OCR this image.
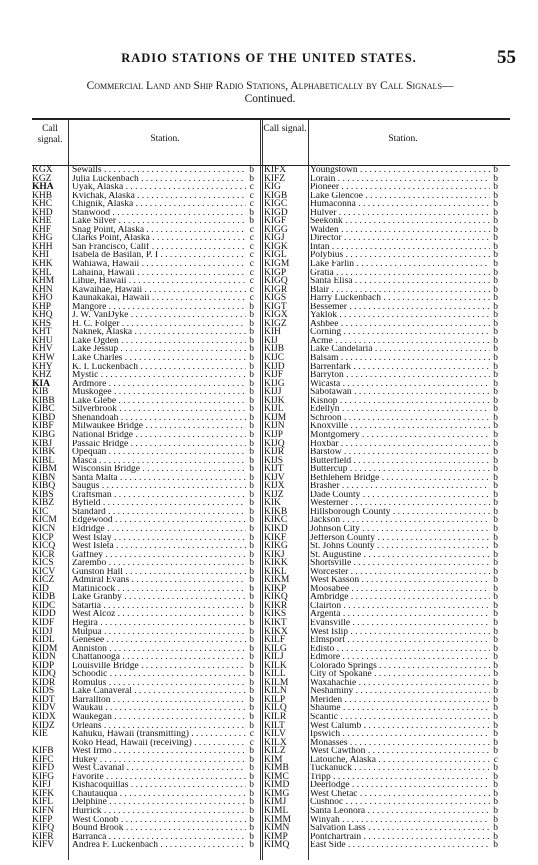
RADIO STATIONS OF THE UNITED STATES.	55
Commercial Land and Ship Radio Stations, Alphabetically by Call Signals—
Continued.
Call signal.	Station.
Call signal.
Station.
KGX	Sewalls . . .	b
KGZ	Julia Luckenbach . . .	b
KHA	Uyak, Alaska . . .	c
KHB	Kvichak, Alaska . . .	c
KHC	Chignik, Alaska . . .	c
KHD	Stanwood . . .	b
KHE	Lake Silver . . .	b
KHF	Snag Point, Alaska . . .	c
KHG	Clarks Point, Alaska . . .	c
KHH	San Francisco, Calif . . .	c
KHI	Isabela de Basilan, P. I . . .	c
KHK	Wahiawa, Hawaii . . .	c
KHL	Lahaina, Hawaii . . .	c
KHM	Lihue, Hawaii . . .	c
KHN	Kawaihae, Hawaii . . .	c
KHO	Kaunakakai, Hawaii . . .	c
KHP	Mangore . . .	b
KHQ	J. W. VanDyke . . .	b
KHS	H. C. Folger . . .	b
KHT	Naknek, Alaska . . .	b
KHU	Lake Ogden . . .	b
KHV	Lake Jessup . . .	b
KHW	Lake Charles . . .	b
KHY	K. I. Luckenbach . . .	b
KHZ	Mystic . . .	b
KIA	Ardmore . . .	b
KIB	Muskogee . . .	b
KIBB	Lake Glebe . . .	b
KIBC	Silverbrook . . .	b
KIBD	Shenandoah . . .	b
KIBF	Milwaukee Bridge . . .	b
KIBG	National Bridge . . .	b
KIBJ	Passaic Bridge . . .	b
KIBK	Opequan . . .	b
KIBL	Masca . . .	b
KIBM	Wisconsin Bridge . . .	b
KIBN	Santa Malta . . .	b
KIBQ	Saugus . . .	b
KIBS	Craftsman . . .	b
KIBZ	Byfield . . .	b
KIC	Standard . . .	b
KICM	Edgewood . . .	b
KICN	Eldridge . . .	b
KICP	West Islay . . .	b
KICQ	West Isleta . . .	b
KICR	Gaffney . . .	b
KICS	Zarembo . . .	b
KICV	Gunston Hall . . .	b
KICZ	Admiral Evans . . .	b
KID	Matinicock . . .	b
KIDB	Lake Granby . . .	b
KIDC	Satartia . . .	b
KIDD	West Alcoz . . .	b
KIDF	Hegira . . .	b
KIDJ	Mulpua . . .	b
KIDL	Genesee . . .	b
KIDM	Anniston . . .	b
KIDN	Chattanooga . . .	b
KIDP	Louisville Bridge . . .	b
KIDQ	Schoodic . . .	b
KIDR	Romulus . . .	b
KIDS	Lake Canaveral . . .	b
KIDT	Barrallton . . .	b
KIDV	Waukau . . .	b
KIDX	Waukegan . . .	b
KIDZ	Orleans . . .	b
KIE	Kahuku, Hawaii (transmitting) . . .	c
Koko Head, Hawaii (receiving) . . .	c
KIFB	West Irmo . . .	b
KIFC	Hukey . . .	b
KIFD	West Cavanal . . .	b
KIFG	Favorite . . .	b
KIFJ	Kishacoquillas . . .	b
KIFK	Chautauqua . . .	b
KIFL	Delphine . . .	b
KIFN	Hurrick . . .	b
KIFP	West Conob . . .	b
KIFQ	Bound Brook . . .	b
KIFR	Barranca . . .	b
KIFV	Andrea F. Luckenbach . . .	b
KIFX	Youngstown . . .	b
KIFZ	Lorain . . .	b
KIG	Pioneer . . .	b
KIGB	Lake Glencoe . . .	b
KIGC	Humaconna . . .	b
KIGD	Hulver . . .	b
KIGF	Seekonk . . .	b
KIGG	Walden . . .	b
KIGJ	Director . . .	b
KIGK	Intan . . .	b
KIGL	Polybius . . .	b
KIGM	Lake Farlin . . .	b
KIGP	Gratia . . .	b
KIGQ	Santa Elisa . . .	b
KIGR	Blair . . .	b
KIGS	Harry Luckenbach . . .	b
KIGT	Bessemer . . .	b
KIGX	Yaklok . . .	b
KIGZ	Ashbee . . .	b
KIH	Corning . . .	b
KIJ	Acme . . .	b
KIJB	Lake Candelaria . . .	b
KIJC	Balsam . . .	b
KIJD	Barrenfark . . .	b
KIJF	Barryton . . .	b
KIJG	Wicasta . . .	b
KIJJ	Sabotawan . . .	b
KIJK	Kisnop . . .	b
KIJL	Edellyn . . .	b
KIJM	Schroon . . .	b
KIJN	Knoxville . . .	b
KIJP	Montgomery . . .	b
KIJQ	Hoxbar . . .	b
KIJR	Barstow . . .	b
KIJS	Butterfield . . .	b
KIJT	Buttercup . . .	b
KIJV	Bethlehem Bridge . . .	b
KIJX	Brasher . . .	b
KIJZ	Dade County . . .	b
KIK	Westerner . . .	b
KIKB	Hillsborough County . . .	b
KIKC	Jackson . . .	b
KIKD	Johnson City . . .	b
KIKF	Jefferson County . . .	b
KIKG	St. Johns County . . .	b
KIKJ	St. Augustine . . .	b
KIKK	Shortsville . . .	b
KIKL	Worcester . . .	b
KIKM	West Kasson . . .	b
KIKP	Moosabee . . .	b
KIKQ	Ambridge . . .	b
KIKR	Clairton . . .	b
KIKS	Argenta . . .	b
KIKT	Evansville . . .	b
KIKX	West Islip . . .	b
KILF	Elmsport . . .	b
KILG	Edisto . . .	b
KILJ	Edmore . . .	b
KILK	Colorado Springs . . .	b
KILL	City of Spokane . . .	b
KILM	Waxahachie . . .	b
KILN	Neshaminy . . .	b
KILP	Meriden . . .	b
KILQ	Shaume . . .	b
KILR	Scantic . . .	b
KILT	West Calumb . . .	b
KILV	Ipswich . . .	b
KILX	Monasses . . .	b
KILZ	West Cawthon . . .	b
KIM	Latouche, Alaska . . .	c
KIMB	Tuckanuck . . .	b
KIMC	Tripp . . .	b
KIMD	Deerlodge . . .	b
KIMG	West Chetac . . .	b
KIMJ	Cushnoc . . .	b
KIML	Santa Leonora . . .	b
KIMM	Winyah . . .	b
KIMN	Salvation Lass . . .	b
KIMP	Pontchartrain . . .	b
KIMQ	East Side . . .	b
